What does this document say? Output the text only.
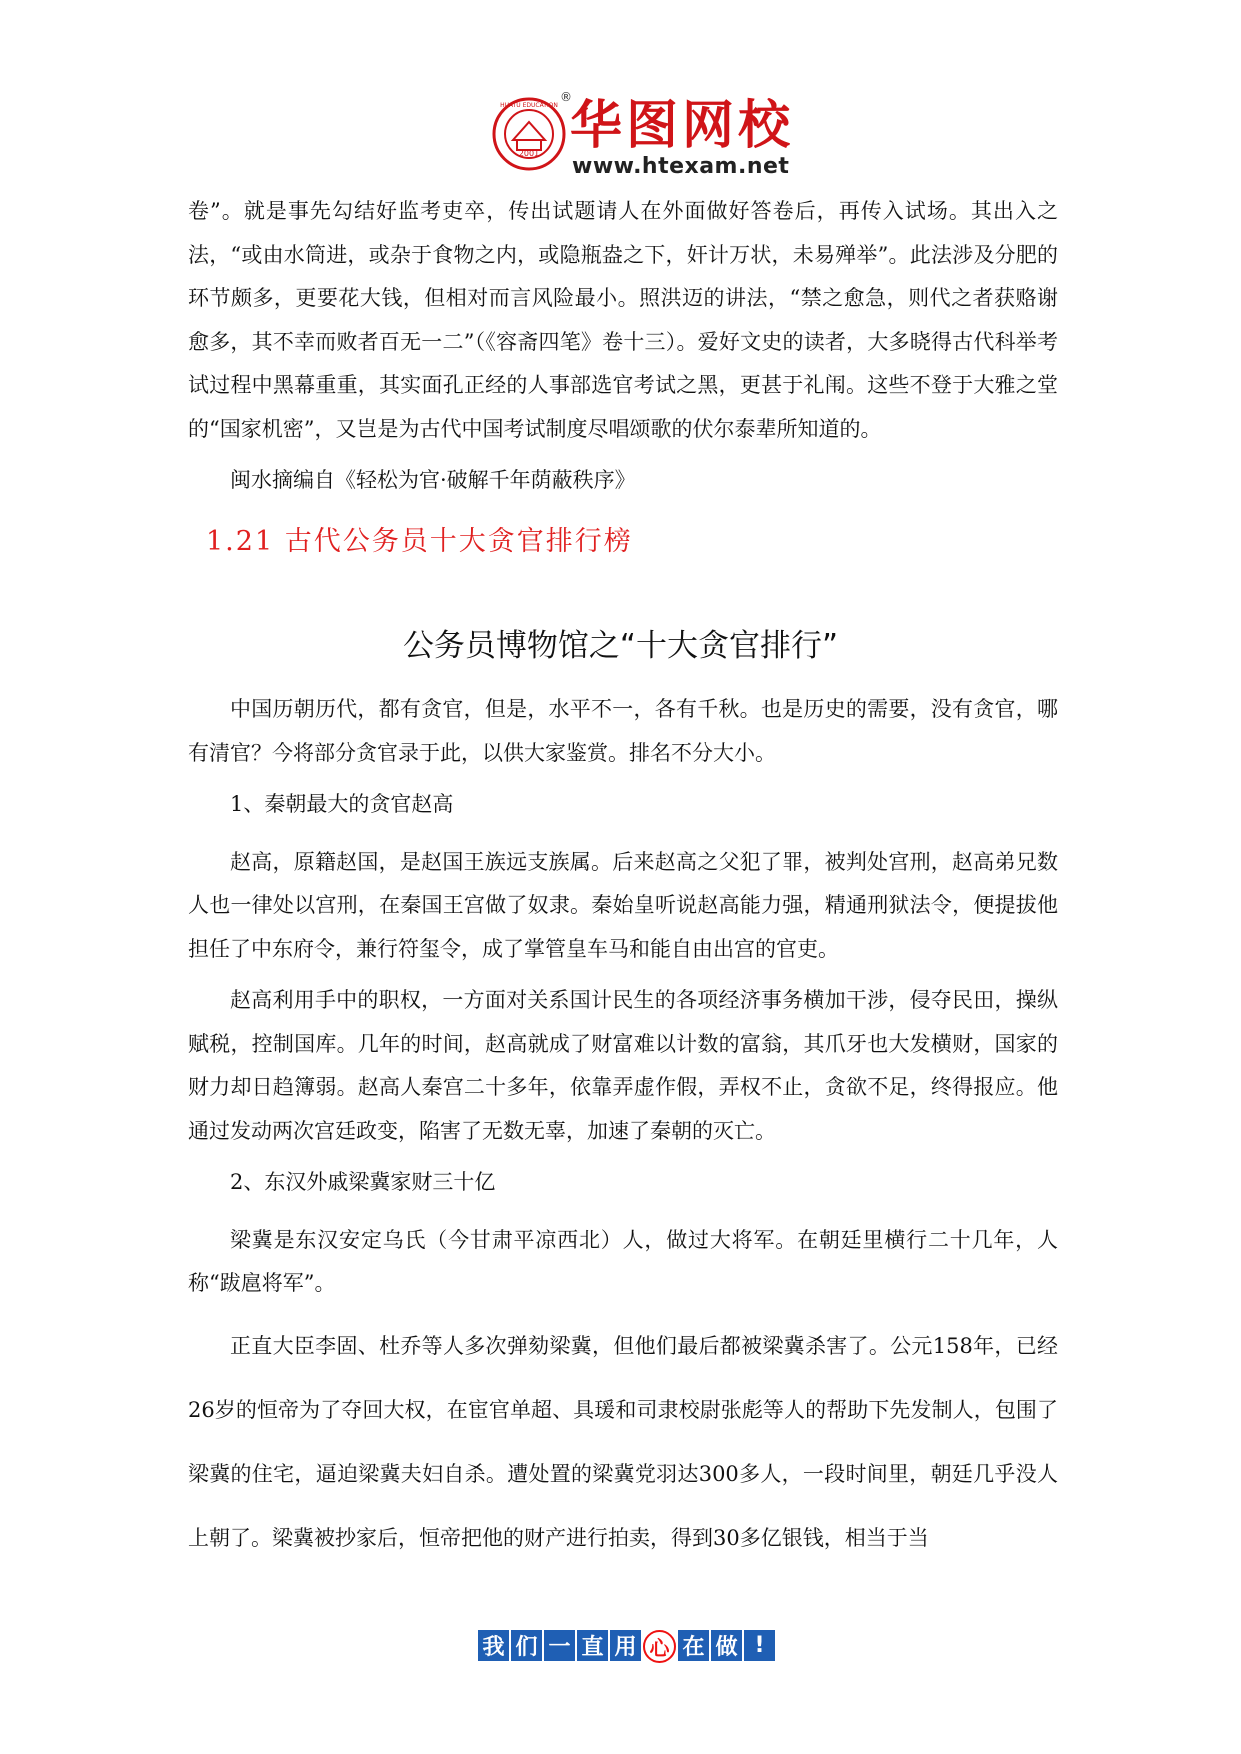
2001
HUATU EDUCATION
®
华图网校
www.htexam.net

卷”。就是事先勾结好监考吏卒，传出试题请人在外面做好答卷后，再传入试场。其出入之法，“或由水筒进，或杂于食物之内，或隐瓶盎之下，奸计万状，未易殚举”。此法涉及分肥的环节颇多，更要花大钱，但相对而言风险最小。照洪迈的讲法，“禁之愈急，则代之者获赂谢愈多，其不幸而败者百无一二”（《容斋四笔》卷十三）。爱好文史的读者，大多晓得古代科举考试过程中黑幕重重，其实面孔正经的人事部选官考试之黑，更甚于礼闱。这些不登于大雅之堂的“国家机密”，又岂是为古代中国考试制度尽唱颂歌的伏尔泰辈所知道的。

闽水摘编自《轻松为官·破解千年荫蔽秩序》

1.21 古代公务员十大贪官排行榜
公务员博物馆之“十大贪官排行”

中国历朝历代，都有贪官，但是，水平不一，各有千秋。也是历史的需要，没有贪官，哪有清官？今将部分贪官录于此，以供大家鉴赏。排名不分大小。

1、秦朝最大的贪官赵高

赵高，原籍赵国，是赵国王族远支族属。后来赵高之父犯了罪，被判处宫刑，赵高弟兄数人也一律处以宫刑，在秦国王宫做了奴隶。秦始皇听说赵高能力强，精通刑狱法令，便提拔他担任了中东府令，兼行符玺令，成了掌管皇车马和能自由出宫的官吏。

赵高利用手中的职权，一方面对关系国计民生的各项经济事务横加干涉，侵夺民田，操纵赋税，控制国库。几年的时间，赵高就成了财富难以计数的富翁，其爪牙也大发横财，国家的财力却日趋簿弱。赵高人秦宫二十多年，依靠弄虚作假，弄权不止，贪欲不足，终得报应。他通过发动两次宫廷政变，陷害了无数无辜，加速了秦朝的灭亡。

2、东汉外戚梁冀家财三十亿

梁冀是东汉安定乌氏（今甘肃平凉西北）人，做过大将军。在朝廷里横行二十几年，人称“跋扈将军”。

正直大臣李固、杜乔等人多次弹劾梁冀，但他们最后都被梁冀杀害了。公元158年，已经26岁的恒帝为了夺回大权，在宦官单超、具瑗和司隶校尉张彪等人的帮助下先发制人，包围了梁冀的住宅，逼迫梁冀夫妇自杀。遭处置的梁冀党羽达300多人，一段时间里，朝廷几乎没人上朝了。梁冀被抄家后，恒帝把他的财产进行拍卖，得到30多亿银钱，相当于当

我 们 一 直 用 心 在 做 !
